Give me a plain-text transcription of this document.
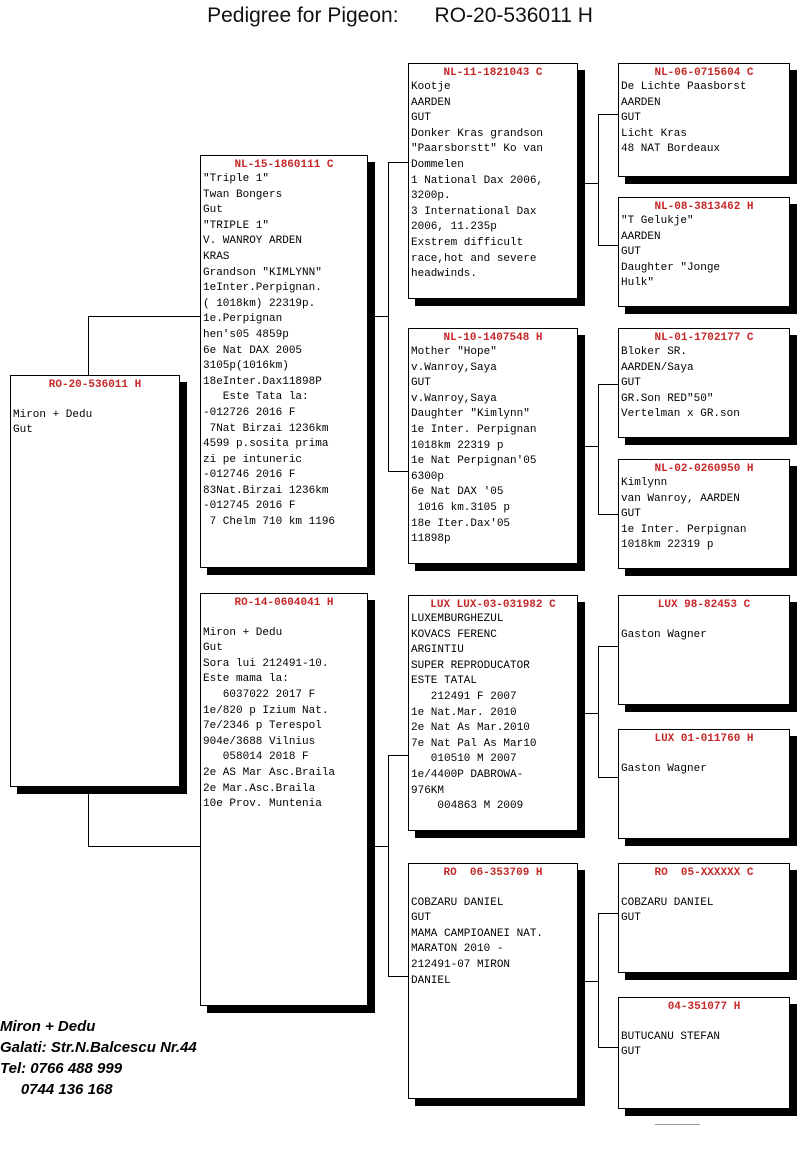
Pedigree for Pigeon: RO-20-536011 H
RO-20-536011 H
Miron + Dedu
Gut
NL-15-1860111 C
"Triple 1"
Twan Bongers
Gut
"TRIPLE 1"
V. WANROY ARDEN
KRAS
Grandson "KIMLYNN"
1eInter.Perpignan.
( 1018km) 22319p.
1e.Perpignan
hen's05 4859p
6e Nat DAX 2005
3105p(1016km)
18eInter.Dax11898P
Este Tata la:
-012726 2016 F
7Nat Birzai 1236km
4599 p.sosita prima
zi pe intuneric
-012746 2016 F
83Nat.Birzai 1236km
-012745 2016 F
7 Chelm 710 km 1196
RO-14-0604041 H
Miron + Dedu
Gut
Sora lui 212491-10.
Este mama la:
6037022 2017 F
1e/820 p Izium Nat.
7e/2346 p Terespol
904e/3688 Vilnius
058014 2018 F
2e AS Mar Asc.Braila
2e Mar.Asc.Braila
10e Prov. Muntenia
NL-11-1821043 C
Kootje
AARDEN
GUT
Donker Kras grandson
"Paarsborstt" Ko van
Dommelen
1 National Dax 2006,
3200p.
3 International Dax
2006, 11.235p
Exstrem difficult
race,hot and severe
headwinds.
NL-10-1407548 H
Mother "Hope"
v.Wanroy,Saya
GUT
v.Wanroy,Saya
Daughter "Kimlynn"
1e Inter. Perpignan
1018km 22319 p
1e Nat Perpignan'05
6300p
6e Nat DAX '05
1016 km.3105 p
18e Iter.Dax'05
11898p
LUX LUX-03-031982 C
LUXEMBURGHEZUL
KOVACS FERENC
ARGINTIU
SUPER REPRODUCATOR
ESTE TATAL
212491 F 2007
1e Nat.Mar. 2010
2e Nat As Mar.2010
7e Nat Pal As Mar10
010510 M 2007
1e/4400P DABROWA-
976KM
004863 M 2009
RO  06-353709 H
COBZARU DANIEL
GUT
MAMA CAMPIOANEI NAT.
MARATON 2010 -
212491-07 MIRON
DANIEL
NL-06-0715604 C
De Lichte Paasborst
AARDEN
GUT
Licht Kras
48 NAT Bordeaux
NL-08-3813462 H
"T Gelukje"
AARDEN
GUT
Daughter "Jonge
Hulk"
NL-01-1702177 C
Bloker SR.
AARDEN/Saya
GUT
GR.Son RED"50"
Vertelman x GR.son
NL-02-0260950 H
Kimlynn
van Wanroy, AARDEN
GUT
1e Inter. Perpignan
1018km 22319 p
LUX 98-82453 C
Gaston Wagner
LUX 01-011760 H
Gaston Wagner
RO  05-XXXXXX C
COBZARU DANIEL
GUT
04-351077 H
BUTUCANU STEFAN
GUT
Miron + Dedu
Galati: Str.N.Balcescu Nr.44
Tel: 0766 488 999
0744 136 168
